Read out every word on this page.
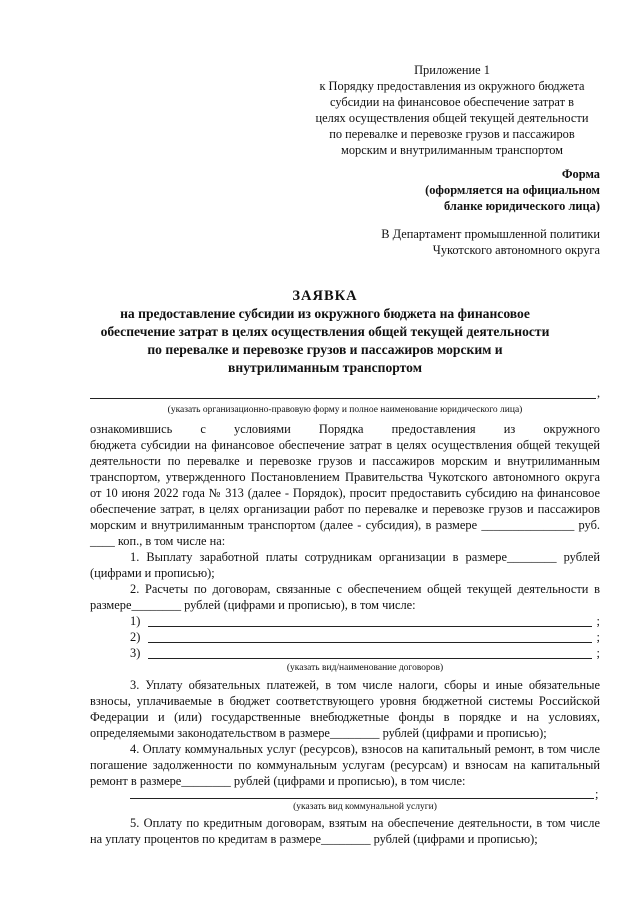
Приложение 1
к Порядку предоставления из окружного бюджета
субсидии на финансовое обеспечение затрат в
целях осуществления общей текущей деятельности
по перевалке и перевозке грузов и пассажиров
морским и внутрилиманным транспортом
Форма
(оформляется на официальном
бланке юридического лица)
В Департамент промышленной политики
Чукотского автономного округа
ЗАЯВКА
на предоставление субсидии из окружного бюджета на финансовое
обеспечение затрат в целях осуществления общей текущей деятельности
по перевалке и перевозке грузов и пассажиров морским и
внутрилиманным транспортом
,
(указать организационно-правовую форму и полное наименование юридического лица)
ознакомившись с условиями Порядка предоставления из окружного

бюджета субсидии на финансовое обеспечение затрат в целях осуществления общей текущей деятельности по перевалке и перевозке грузов и пассажиров морским и внутрилиманным транспортом, утвержденного Постановлением Правительства Чукотского автономного округа от 10 июня 2022 года № 313 (далее - Порядок), просит предоставить субсидию на финансовое обеспечение затрат, в целях организации работ по перевалке и перевозке грузов и пассажиров морским и внутрилиманным транспортом (далее - субсидия), в размере _______________ руб. ____ коп., в том числе на:

1. Выплату заработной платы сотрудникам организации в размере________ рублей (цифрами и прописью);

2. Расчеты по договорам, связанные с обеспечением общей текущей деятельности в размере________ рублей (цифрами и прописью), в том числе:

1)	;
2)	;
3)	;
(указать вид/наименование договоров)

3. Уплату обязательных платежей, в том числе налоги, сборы и иные обязательные взносы, уплачиваемые в бюджет соответствующего уровня бюджетной системы Российской Федерации и (или) государственные внебюджетные фонды в порядке и на условиях, определяемыми законодательством в размере________ рублей (цифрами и прописью);

4. Оплату коммунальных услуг (ресурсов), взносов на капитальный ремонт, в том числе погашение задолженности по коммунальным услугам (ресурсам) и взносам на капитальный ремонт в размере________ рублей (цифрами и прописью), в том числе:

;
(указать вид коммунальной услуги)

5. Оплату по кредитным договорам, взятым на обеспечение деятельности, в том числе на уплату процентов по кредитам в размере________ рублей (цифрами и прописью);
